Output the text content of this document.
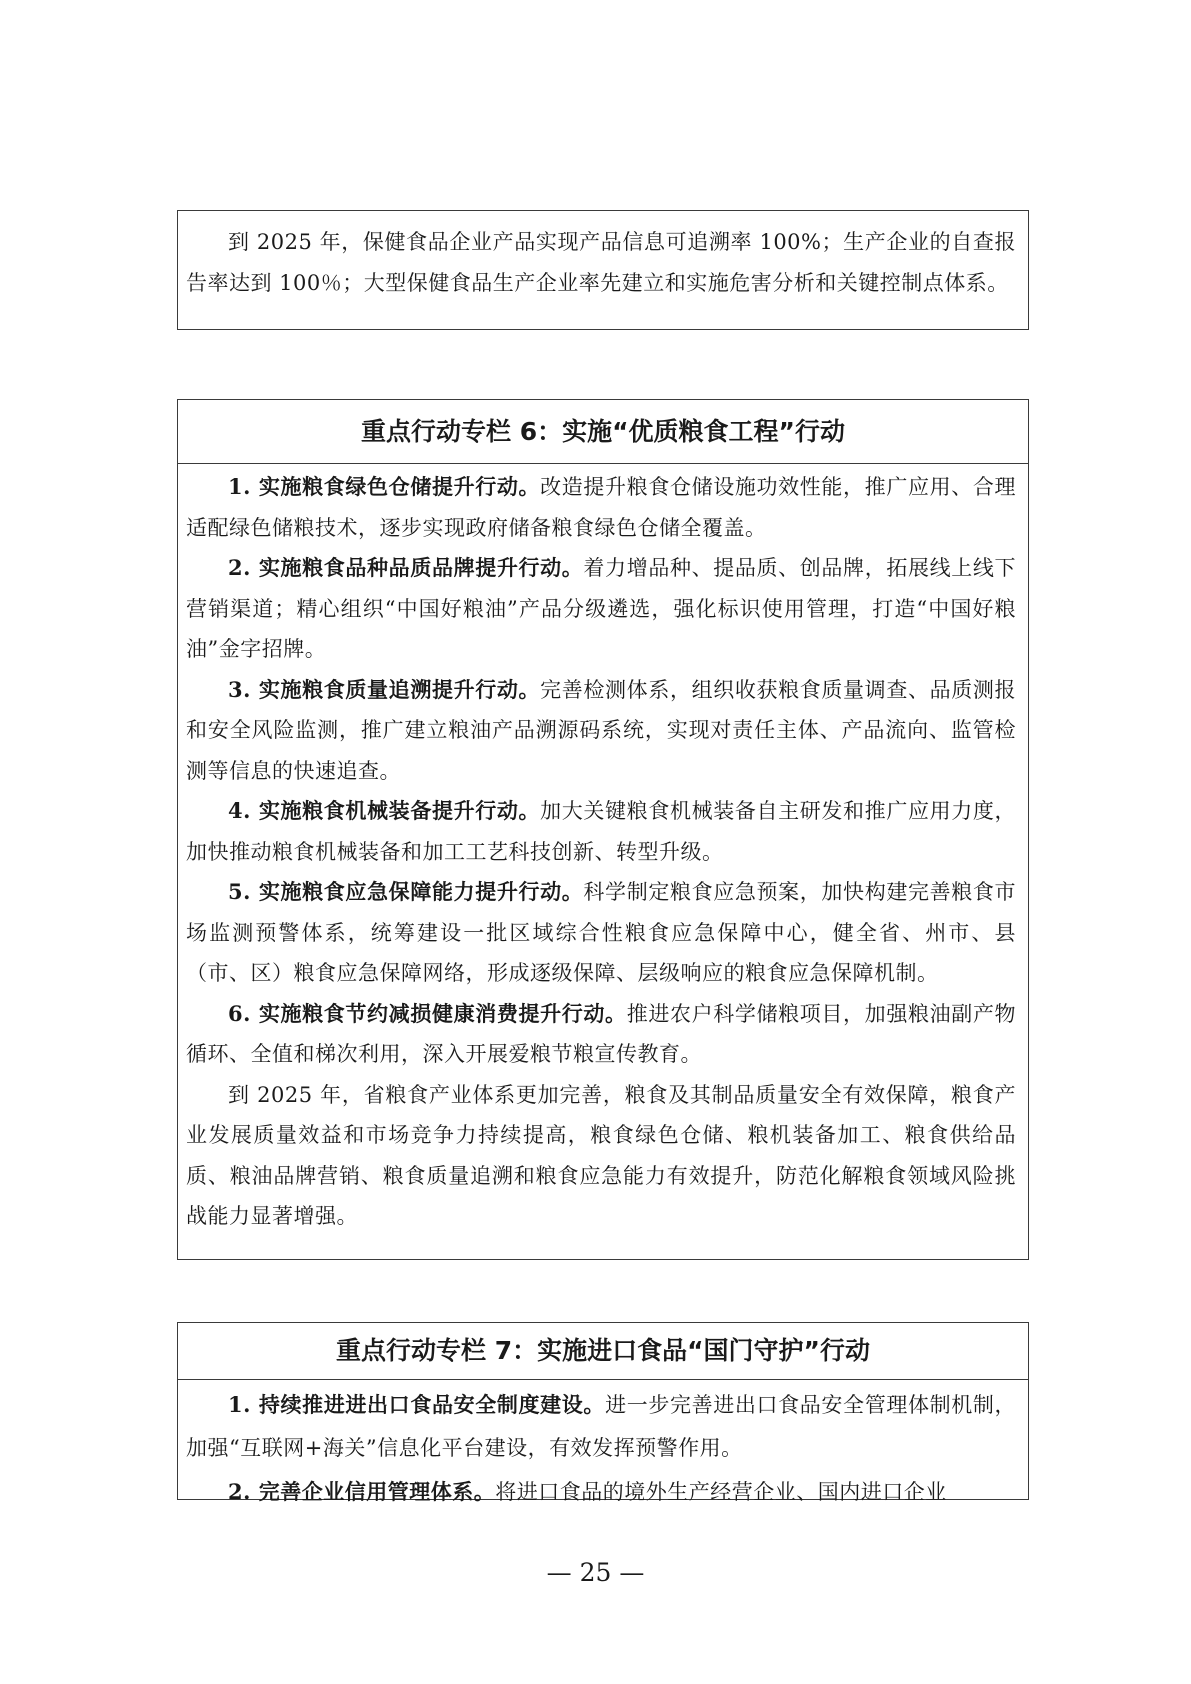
到 2025 年，保健食品企业产品实现产品信息可追溯率 100%；生产企业的自查报告率达到 100％；大型保健食品生产企业率先建立和实施危害分析和关键控制点体系。

重点行动专栏 6：实施“优质粮食工程”行动

1. 实施粮食绿色仓储提升行动。改造提升粮食仓储设施功效性能，推广应用、合理适配绿色储粮技术，逐步实现政府储备粮食绿色仓储全覆盖。

2. 实施粮食品种品质品牌提升行动。着力增品种、提品质、创品牌，拓展线上线下营销渠道；精心组织“中国好粮油”产品分级遴选，强化标识使用管理，打造“中国好粮油”金字招牌。

3. 实施粮食质量追溯提升行动。完善检测体系，组织收获粮食质量调查、品质测报和安全风险监测，推广建立粮油产品溯源码系统，实现对责任主体、产品流向、监管检测等信息的快速追查。

4. 实施粮食机械装备提升行动。加大关键粮食机械装备自主研发和推广应用力度，加快推动粮食机械装备和加工工艺科技创新、转型升级。

5. 实施粮食应急保障能力提升行动。科学制定粮食应急预案，加快构建完善粮食市场监测预警体系，统筹建设一批区域综合性粮食应急保障中心，健全省、州市、县（市、区）粮食应急保障网络，形成逐级保障、层级响应的粮食应急保障机制。

6. 实施粮食节约减损健康消费提升行动。推进农户科学储粮项目，加强粮油副产物循环、全值和梯次利用，深入开展爱粮节粮宣传教育。

到 2025 年，省粮食产业体系更加完善，粮食及其制品质量安全有效保障，粮食产业发展质量效益和市场竞争力持续提高，粮食绿色仓储、粮机装备加工、粮食供给品质、粮油品牌营销、粮食质量追溯和粮食应急能力有效提升，防范化解粮食领域风险挑战能力显著增强。

重点行动专栏 7：实施进口食品“国门守护”行动

1. 持续推进进出口食品安全制度建设。进一步完善进出口食品安全管理体制机制，加强“互联网+海关”信息化平台建设，有效发挥预警作用。

2. 完善企业信用管理体系。将进口食品的境外生产经营企业、国内进口企业

— 25 —
